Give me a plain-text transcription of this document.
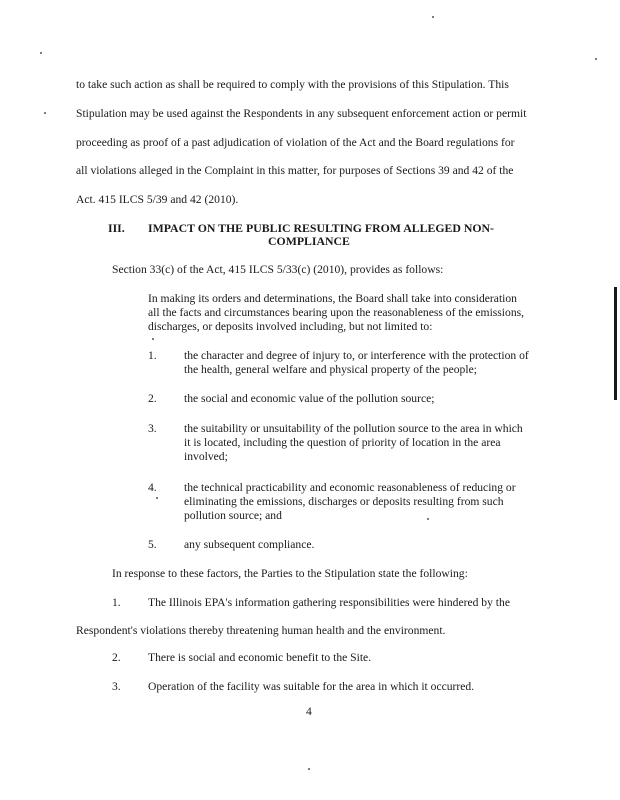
to take such action as shall be required to comply with the provisions of this Stipulation. This
Stipulation may be used against the Respondents in any subsequent enforcement action or permit
proceeding as proof of a past adjudication of violation of the Act and the Board regulations for
all violations alleged in the Complaint in this matter, for purposes of Sections 39 and 42 of the
Act. 415 ILCS 5/39 and 42 (2010).
III. IMPACT ON THE PUBLIC RESULTING FROM ALLEGED NON-
COMPLIANCE
Section 33(c) of the Act, 415 ILCS 5/33(c) (2010), provides as follows:
In making its orders and determinations, the Board shall take into consideration
all the facts and circumstances bearing upon the reasonableness of the emissions,
discharges, or deposits involved including, but not limited to:
1. the character and degree of injury to, or interference with the protection of
the health, general welfare and physical property of the people;
2. the social and economic value of the pollution source;
3. the suitability or unsuitability of the pollution source to the area in which
it is located, including the question of priority of location in the area
involved;
4. the technical practicability and economic reasonableness of reducing or
eliminating the emissions, discharges or deposits resulting from such
pollution source; and
5. any subsequent compliance.
In response to these factors, the Parties to the Stipulation state the following:
1. The Illinois EPA's information gathering responsibilities were hindered by the
Respondent's violations thereby threatening human health and the environment.
2. There is social and economic benefit to the Site.
3. Operation of the facility was suitable for the area in which it occurred.
4
